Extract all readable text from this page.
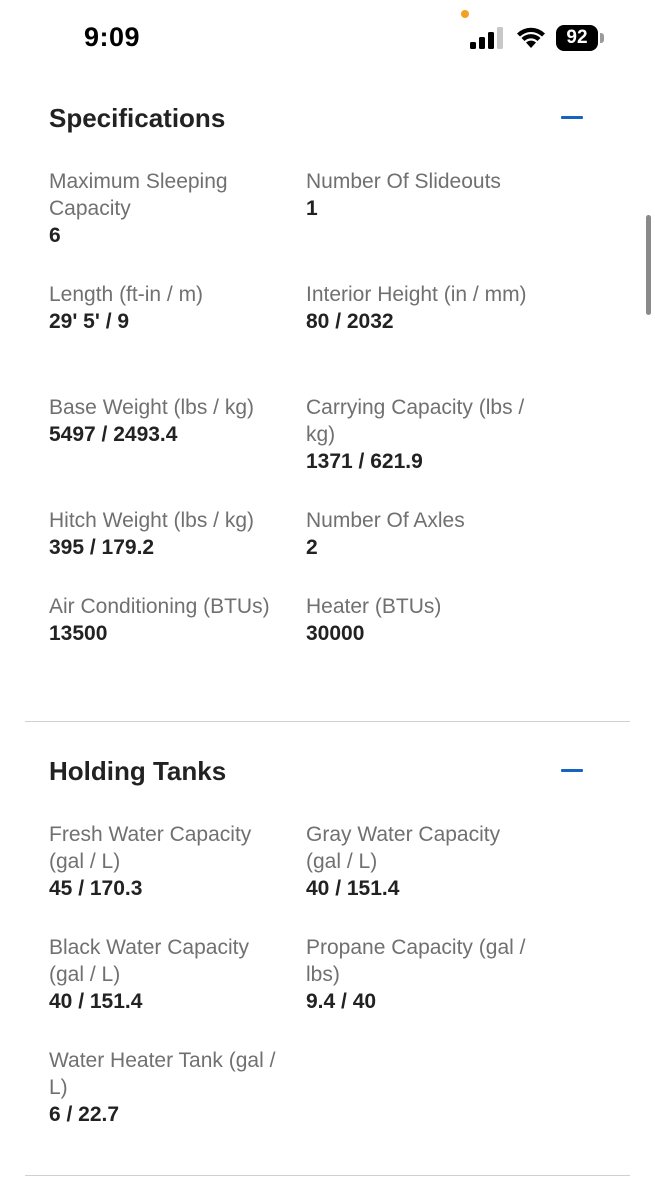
9:09	92
Specifications
Maximum Sleeping Capacity
6
Number Of Slideouts
1
Length (ft-in / m)
29' 5' / 9
Interior Height (in / mm)
80 / 2032
Base Weight (lbs / kg)
5497 / 2493.4
Carrying Capacity (lbs / kg)
1371 / 621.9
Hitch Weight (lbs / kg)
395 / 179.2
Number Of Axles
2
Air Conditioning (BTUs)
13500
Heater (BTUs)
30000
Holding Tanks
Fresh Water Capacity (gal / L)
45 / 170.3
Gray Water Capacity (gal / L)
40 / 151.4
Black Water Capacity (gal / L)
40 / 151.4
Propane Capacity (gal / lbs)
9.4 / 40
Water Heater Tank (gal / L)
6 / 22.7
